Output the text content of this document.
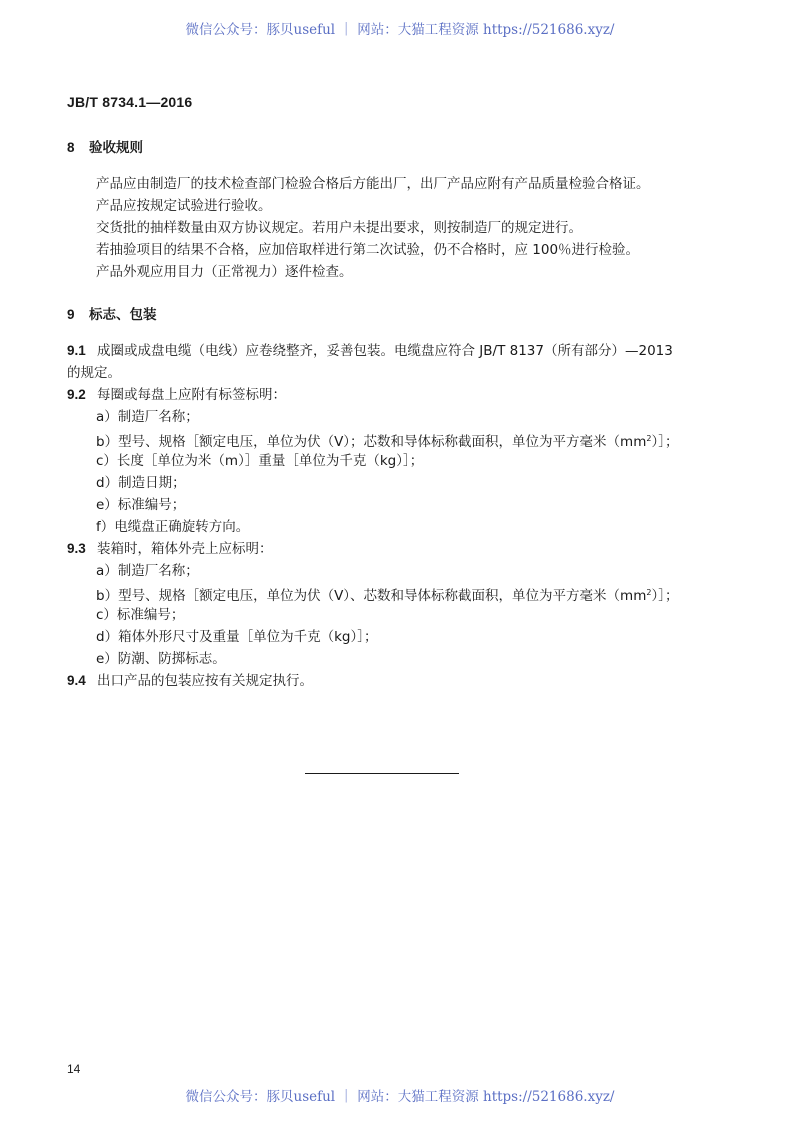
微信公众号：豚贝useful ｜ 网站：大猫工程资源 https://521686.xyz/
JB/T 8734.1—2016
8 验收规则
产品应由制造厂的技术检查部门检验合格后方能出厂，出厂产品应附有产品质量检验合格证。
产品应按规定试验进行验收。
交货批的抽样数量由双方协议规定。若用户未提出要求，则按制造厂的规定进行。
若抽验项目的结果不合格，应加倍取样进行第二次试验，仍不合格时，应 100％进行检验。
产品外观应用目力（正常视力）逐件检查。
9 标志、包装
9.1 成圈或成盘电缆（电线）应卷绕整齐，妥善包装。电缆盘应符合 JB/T 8137（所有部分）—2013
的规定。
9.2 每圈或每盘上应附有标签标明：
a）制造厂名称；
b）型号、规格［额定电压，单位为伏（V）；芯数和导体标称截面积，单位为平方毫米$(mm^2)]$；
c）长度［单位为米（m）］重量［单位为千克（kg）］；
d）制造日期；
e）标准编号；
f）电缆盘正确旋转方向。
9.3 装箱时，箱体外壳上应标明：
a）制造厂名称；
b）型号、规格［额定电压，单位为伏（V）、芯数和导体标称截面积，单位为平方毫米$(mm^2)]$；
c）标准编号；
d）箱体外形尺寸及重量［单位为千克（kg）］；
e）防潮、防掷标志。
9.4 出口产品的包装应按有关规定执行。
14
微信公众号：豚贝useful ｜ 网站：大猫工程资源 https://521686.xyz/
